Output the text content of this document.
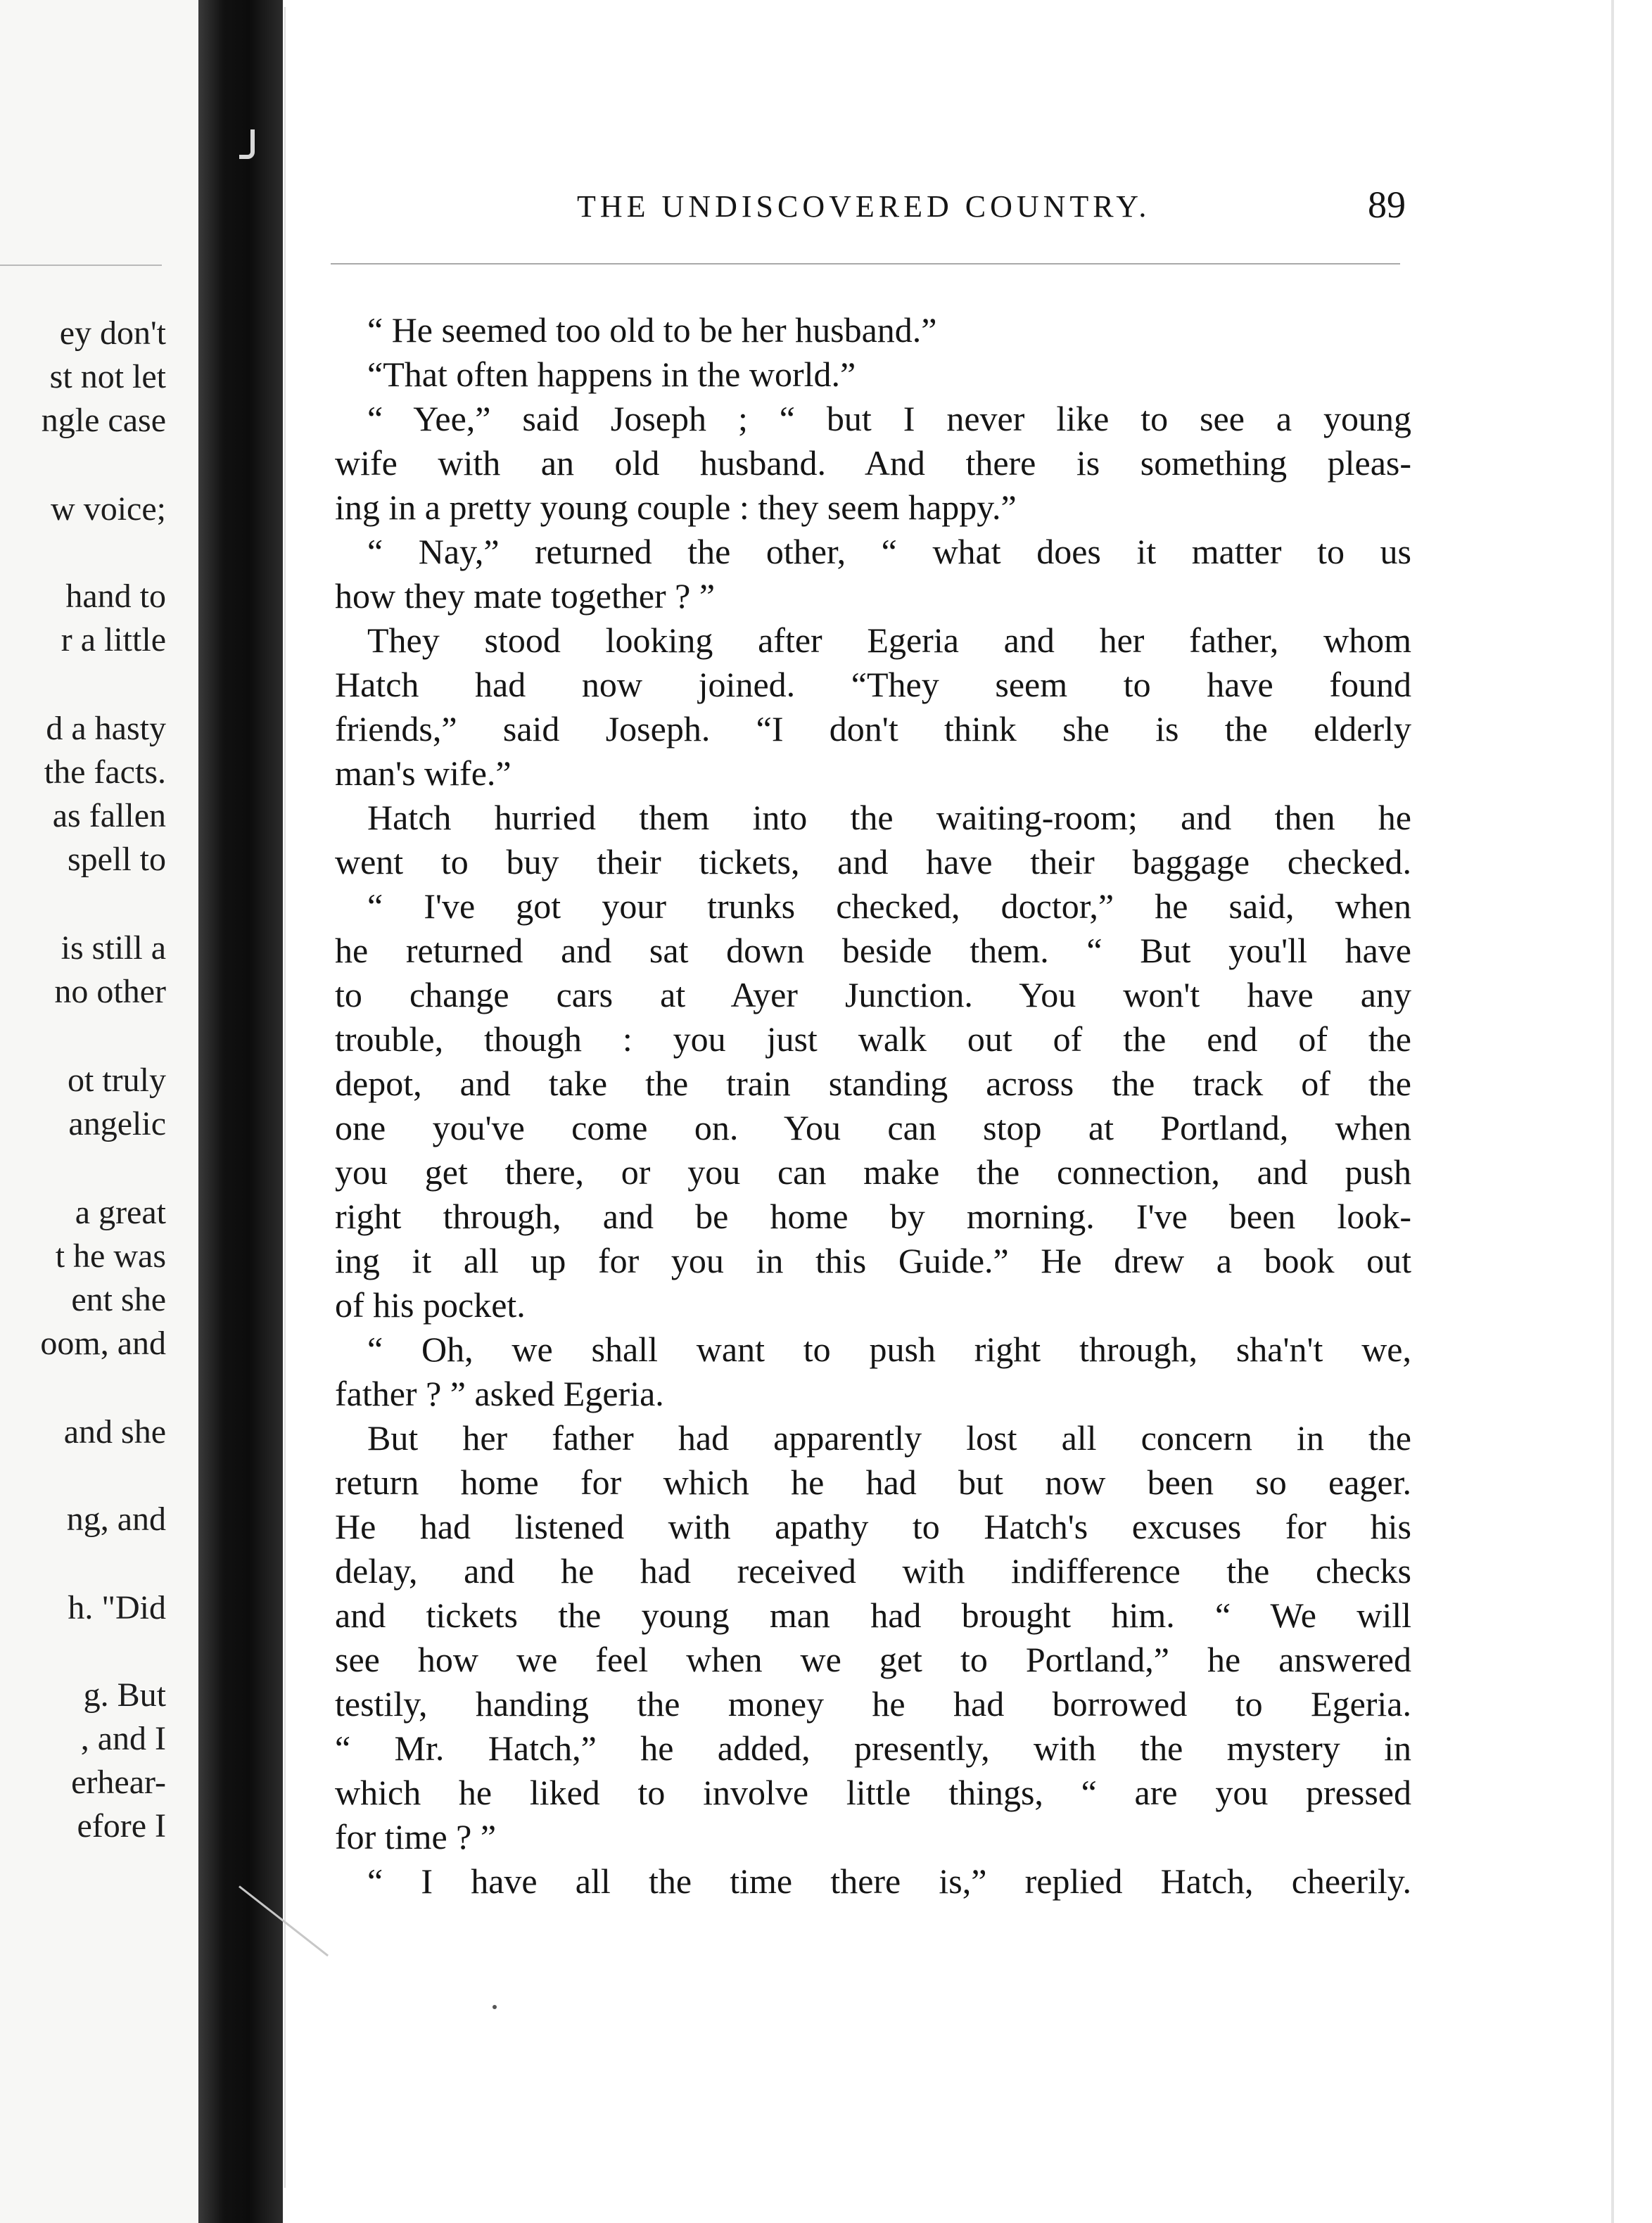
ey don't
st not let
ngle case
w voice;
hand to
r a little
d a hasty
the facts.
as fallen
spell to
is still a
no other
ot truly
angelic
a great
t he was
ent she
oom, and
and she
ng, and
h. "Did
g. But
, and I
erhear-
efore I
THE UNDISCOVERED COUNTRY.	89
“ He seemed too old to be her husband.”
“That often happens in the world.”
“ Yee,” said Joseph ; “ but I never like to see a young
wife with an old husband. And there is something pleas-
ing in a pretty young couple : they seem happy.”
“ Nay,” returned the other, “ what does it matter to us
how they mate together ? ”
They stood looking after Egeria and her father, whom
Hatch had now joined. “They seem to have found
friends,” said Joseph. “I don't think she is the elderly
man's wife.”
Hatch hurried them into the waiting-room; and then he
went to buy their tickets, and have their baggage checked.
“ I've got your trunks checked, doctor,” he said, when
he returned and sat down beside them. “ But you'll have
to change cars at Ayer Junction. You won't have any
trouble, though : you just walk out of the end of the
depot, and take the train standing across the track of the
one you've come on. You can stop at Portland, when
you get there, or you can make the connection, and push
right through, and be home by morning. I've been look-
ing it all up for you in this Guide.” He drew a book out
of his pocket.
“ Oh, we shall want to push right through, sha'n't we,
father ? ” asked Egeria.
But her father had apparently lost all concern in the
return home for which he had but now been so eager.
He had listened with apathy to Hatch's excuses for his
delay, and he had received with indifference the checks
and tickets the young man had brought him. “ We will
see how we feel when we get to Portland,” he answered
testily, handing the money he had borrowed to Egeria.
“ Mr. Hatch,” he added, presently, with the mystery in
which he liked to involve little things, “ are you pressed
for time ? ”
“ I have all the time there is,” replied Hatch, cheerily.
